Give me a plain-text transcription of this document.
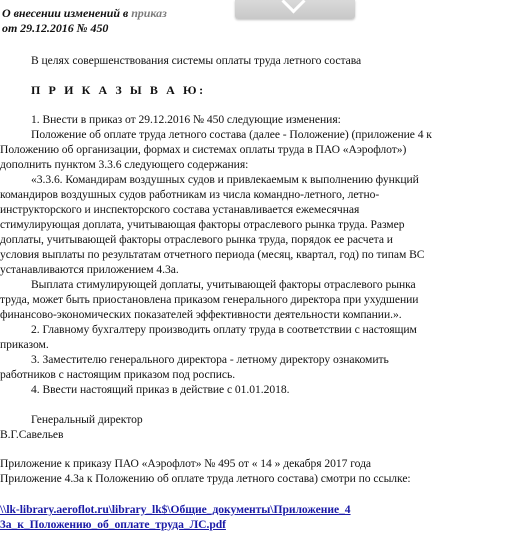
О внесении изменений в приказ
от 29.12.2016 № 450
В целях совершенствования системы оплаты труда летного состава
П Р И К А З Ы В А Ю:
1. Внести в приказ от 29.12.2016 № 450 следующие изменения:
Положение об оплате труда летного состава (далее - Положение) (приложение 4 к
Положению об организации, формах и системах оплаты труда в ПАО «Аэрофлот»)
дополнить пунктом 3.3.6 следующего содержания:
«3.3.6. Командирам воздушных судов и привлекаемым к выполнению функций
командиров воздушных судов работникам из числа командно-летного, летно-
инструкторского и инспекторского состава устанавливается ежемесячная
стимулирующая доплата, учитывающая факторы отраслевого рынка труда. Размер
доплаты, учитывающей факторы отраслевого рынка труда, порядок ее расчета и
условия выплаты по результатам отчетного периода (месяц, квартал, год) по типам ВС
устанавливаются приложением 4.3а.
Выплата стимулирующей доплаты, учитывающей факторы отраслевого рынка
труда, может быть приостановлена приказом генерального директора при ухудшении
финансово-экономических показателей эффективности деятельности компании.».
2. Главному бухгалтеру производить оплату труда в соответствии с настоящим
приказом.
3. Заместителю генерального директора - летному директору ознакомить
работников с настоящим приказом под роспись.
4. Ввести настоящий приказ в действие с 01.01.2018.
Генеральный директор
В.Г.Савельев
Приложение к приказу ПАО «Аэрофлот» № 495 от « 14 » декабря 2017 года
Приложение 4.3а к Положению об оплате труда летного состава) смотри по ссылке:
\\lk-library.aeroflot.ru\library_lk$\Общие_документы\Приложение_4
3а_к_Положению_об_оплате_труда_ЛС.pdf
